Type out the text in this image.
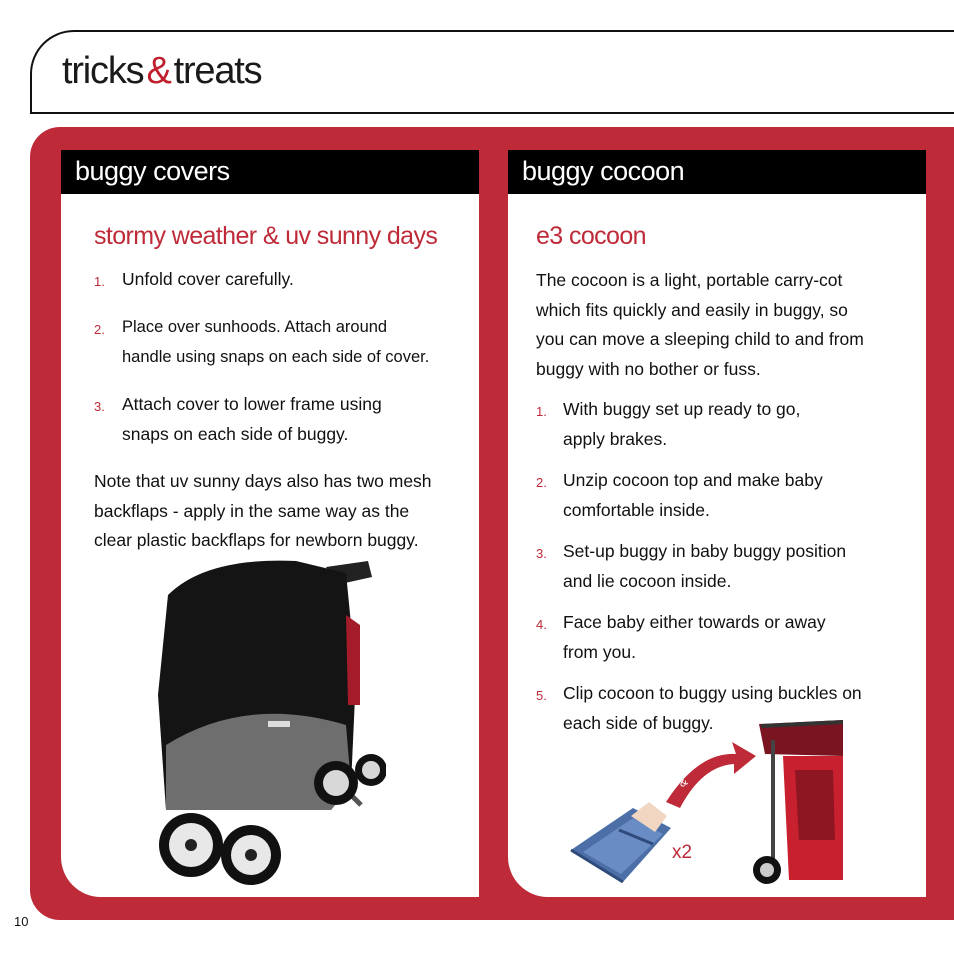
tricks & treats
buggy covers
stormy weather & uv sunny days
1. Unfold cover carefully.
2. Place over sunhoods. Attach around
handle using snaps on each side of cover.
3. Attach cover to lower frame using
snaps on each side of buggy.
Note that uv sunny days also has two mesh
backflaps - apply in the same way as the
clear plastic backflaps for newborn buggy.
buggy cocoon
e3 cocoon
The cocoon is a light, portable carry-cot
which fits quickly and easily in buggy, so
you can move a sleeping child to and from
buggy with no bother or fuss.
1. With buggy set up ready to go,
apply brakes.
2. Unzip cocoon top and make baby
comfortable inside.
3. Set-up buggy in baby buggy position
and lie cocoon inside.
4. Face baby either towards or away
from you.
5. Clip cocoon to buggy using buckles on
each side of buggy.
x2
&
10
